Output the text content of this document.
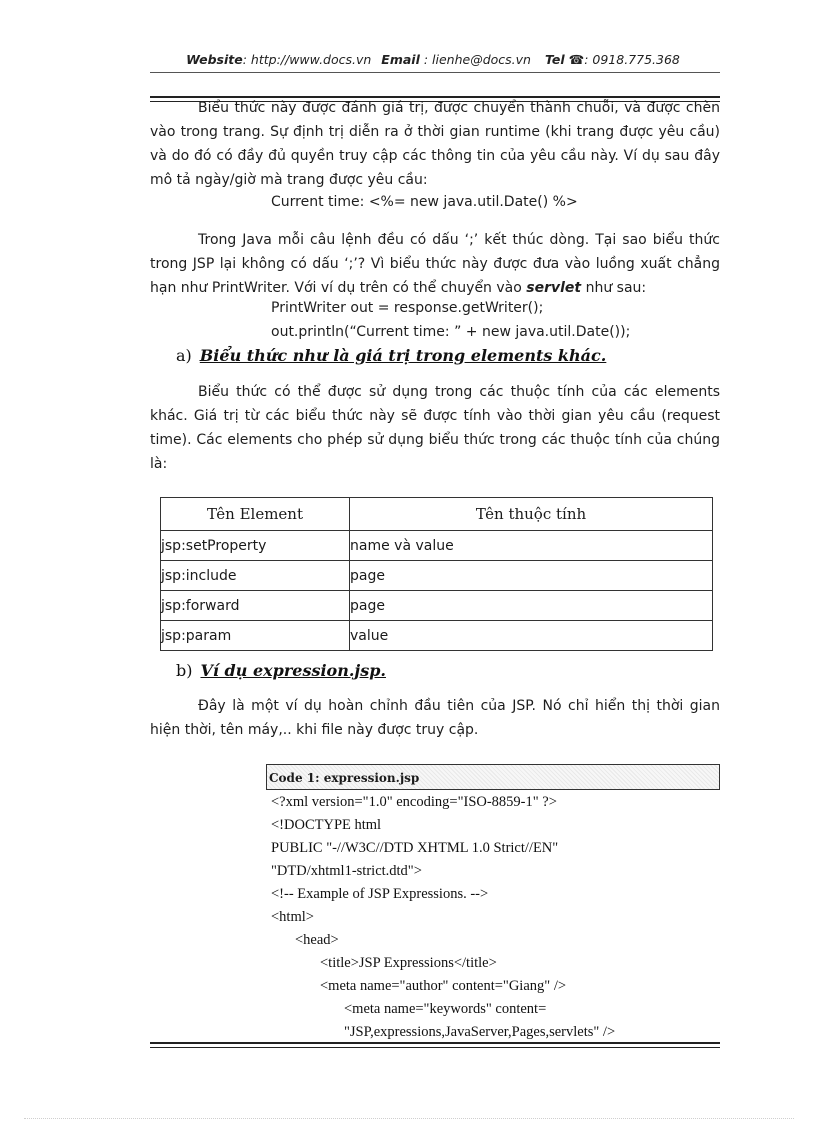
Website: http://www.docs.vn Email : lienhe@docs.vn Tel ☎: 0918.775.368
Biểu thức này được đánh giá trị, được chuyển thành chuỗi, và được chèn vào trong trang. Sự định trị diễn ra ở thời gian runtime (khi trang được yêu cầu) và do đó có đầy đủ quyền truy cập các thông tin của yêu cầu này. Ví dụ sau đây mô tả ngày/giờ mà trang được yêu cầu:
Current time: <%= new java.util.Date() %>
Trong Java mỗi câu lệnh đều có dấu ‘;’ kết thúc dòng. Tại sao biểu thức trong JSP lại không có dấu ‘;’? Vì biểu thức này được đưa vào luồng xuất chẳng hạn như PrintWriter. Với ví dụ trên có thể chuyển vào servlet như sau:
PrintWriter out = response.getWriter();
out.println(“Current time: ” + new java.util.Date());
a) Biểu thức như là giá trị trong elements khác.
Biểu thức có thể được sử dụng trong các thuộc tính của các elements khác. Giá trị từ các biểu thức này sẽ được tính vào thời gian yêu cầu (request time). Các elements cho phép sử dụng biểu thức trong các thuộc tính của chúng là:
Tên Element	Tên thuộc tính
jsp:setProperty	name và value
jsp:include	page
jsp:forward	page
jsp:param	value
b) Ví dụ expression.jsp.
Đây là một ví dụ hoàn chỉnh đầu tiên của JSP. Nó chỉ hiển thị thời gian hiện thời, tên máy,.. khi file này được truy cập.
Code 1: expression.jsp
<?xml version="1.0" encoding="ISO-8859-1" ?>
<!DOCTYPE html
PUBLIC "-//W3C//DTD XHTML 1.0 Strict//EN"
"DTD/xhtml1-strict.dtd">
<!-- Example of JSP Expressions. -->
<html>
<head>
<title>JSP Expressions</title>
<meta name="author" content="Giang" />
<meta name="keywords" content=
"JSP,expressions,JavaServer,Pages,servlets" />
